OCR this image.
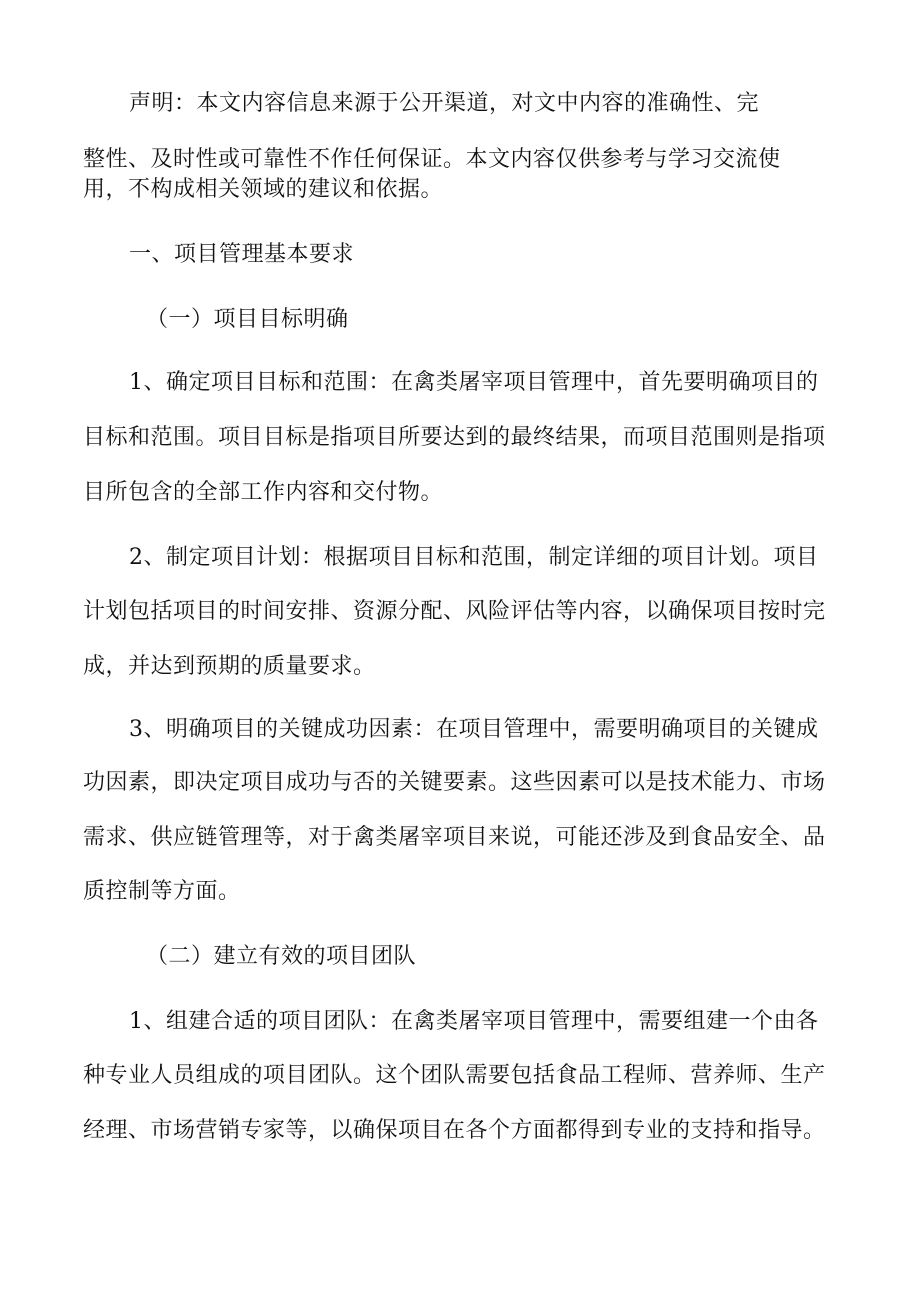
声明：本文内容信息来源于公开渠道，对文中内容的准确性、完
整性、及时性或可靠性不作任何保证。本文内容仅供参考与学习交流使
用，不构成相关领域的建议和依据。
一、项目管理基本要求
（一）项目目标明确
1、确定项目目标和范围：在禽类屠宰项目管理中，首先要明确项目的
目标和范围。项目目标是指项目所要达到的最终结果，而项目范围则是指项
目所包含的全部工作内容和交付物。
2、制定项目计划：根据项目目标和范围，制定详细的项目计划。项目
计划包括项目的时间安排、资源分配、风险评估等内容，以确保项目按时完
成，并达到预期的质量要求。
3、明确项目的关键成功因素：在项目管理中，需要明确项目的关键成
功因素，即决定项目成功与否的关键要素。这些因素可以是技术能力、市场
需求、供应链管理等，对于禽类屠宰项目来说，可能还涉及到食品安全、品
质控制等方面。
（二）建立有效的项目团队
1、组建合适的项目团队：在禽类屠宰项目管理中，需要组建一个由各
种专业人员组成的项目团队。这个团队需要包括食品工程师、营养师、生产
经理、市场营销专家等，以确保项目在各个方面都得到专业的支持和指导。
